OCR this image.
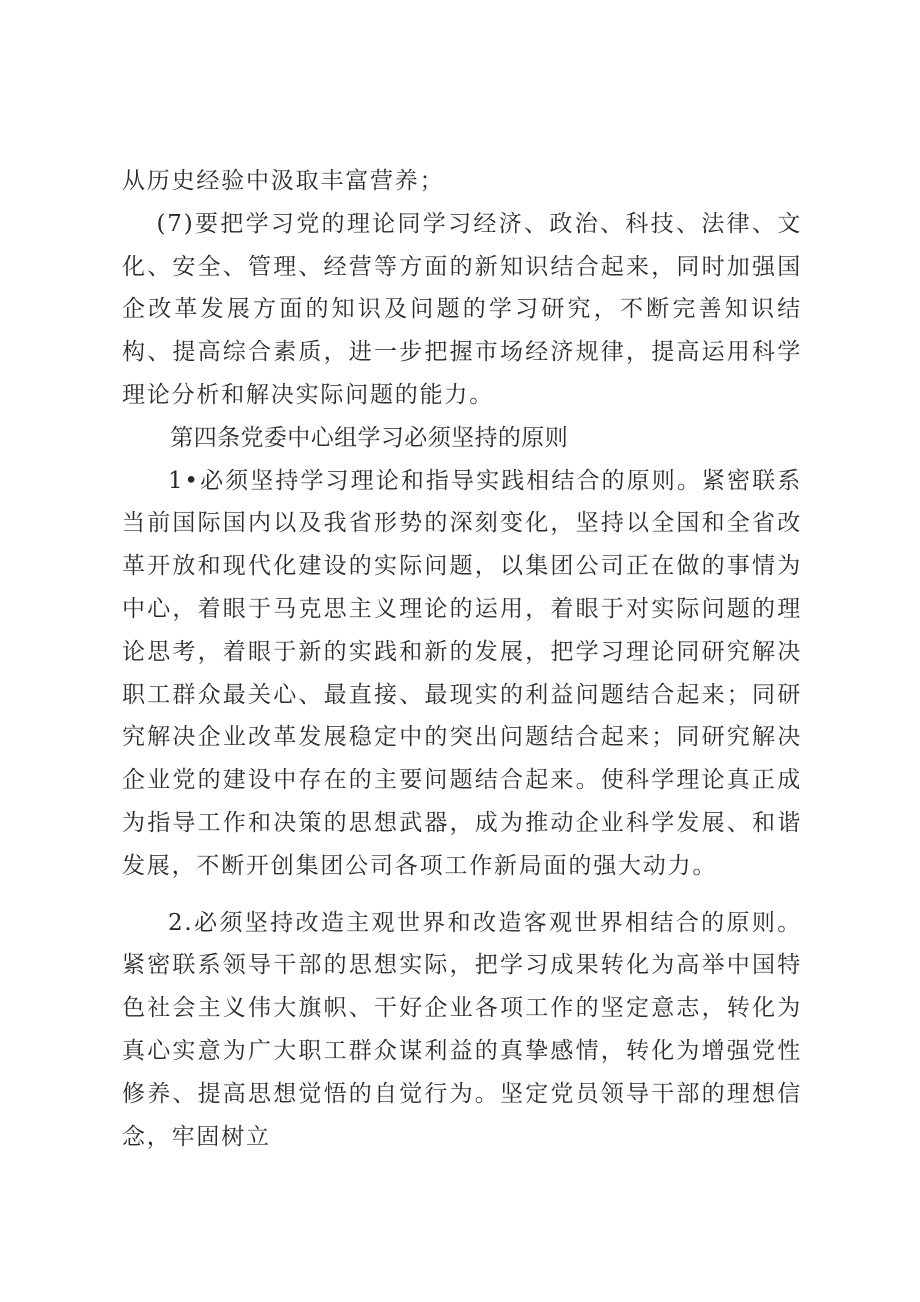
从历史经验中汲取丰富营养；

(7)要把学习党的理论同学习经济、政治、科技、法律、文化、安全、管理、经营等方面的新知识结合起来，同时加强国企改革发展方面的知识及问题的学习研究，不断完善知识结构、提高综合素质，进一步把握市场经济规律，提高运用科学理论分析和解决实际问题的能力。

第四条党委中心组学习必须坚持的原则

1•必须坚持学习理论和指导实践相结合的原则。紧密联系当前国际国内以及我省形势的深刻变化，坚持以全国和全省改革开放和现代化建设的实际问题，以集团公司正在做的事情为中心，着眼于马克思主义理论的运用，着眼于对实际问题的理论思考，着眼于新的实践和新的发展，把学习理论同研究解决职工群众最关心、最直接、最现实的利益问题结合起来；同研究解决企业改革发展稳定中的突出问题结合起来；同研究解决企业党的建设中存在的主要问题结合起来。使科学理论真正成为指导工作和决策的思想武器，成为推动企业科学发展、和谐发展，不断开创集团公司各项工作新局面的强大动力。

2.必须坚持改造主观世界和改造客观世界相结合的原则。紧密联系领导干部的思想实际，把学习成果转化为高举中国特色社会主义伟大旗帜、干好企业各项工作的坚定意志，转化为真心实意为广大职工群众谋利益的真挚感情，转化为增强党性修养、提高思想觉悟的自觉行为。坚定党员领导干部的理想信念，牢固树立
